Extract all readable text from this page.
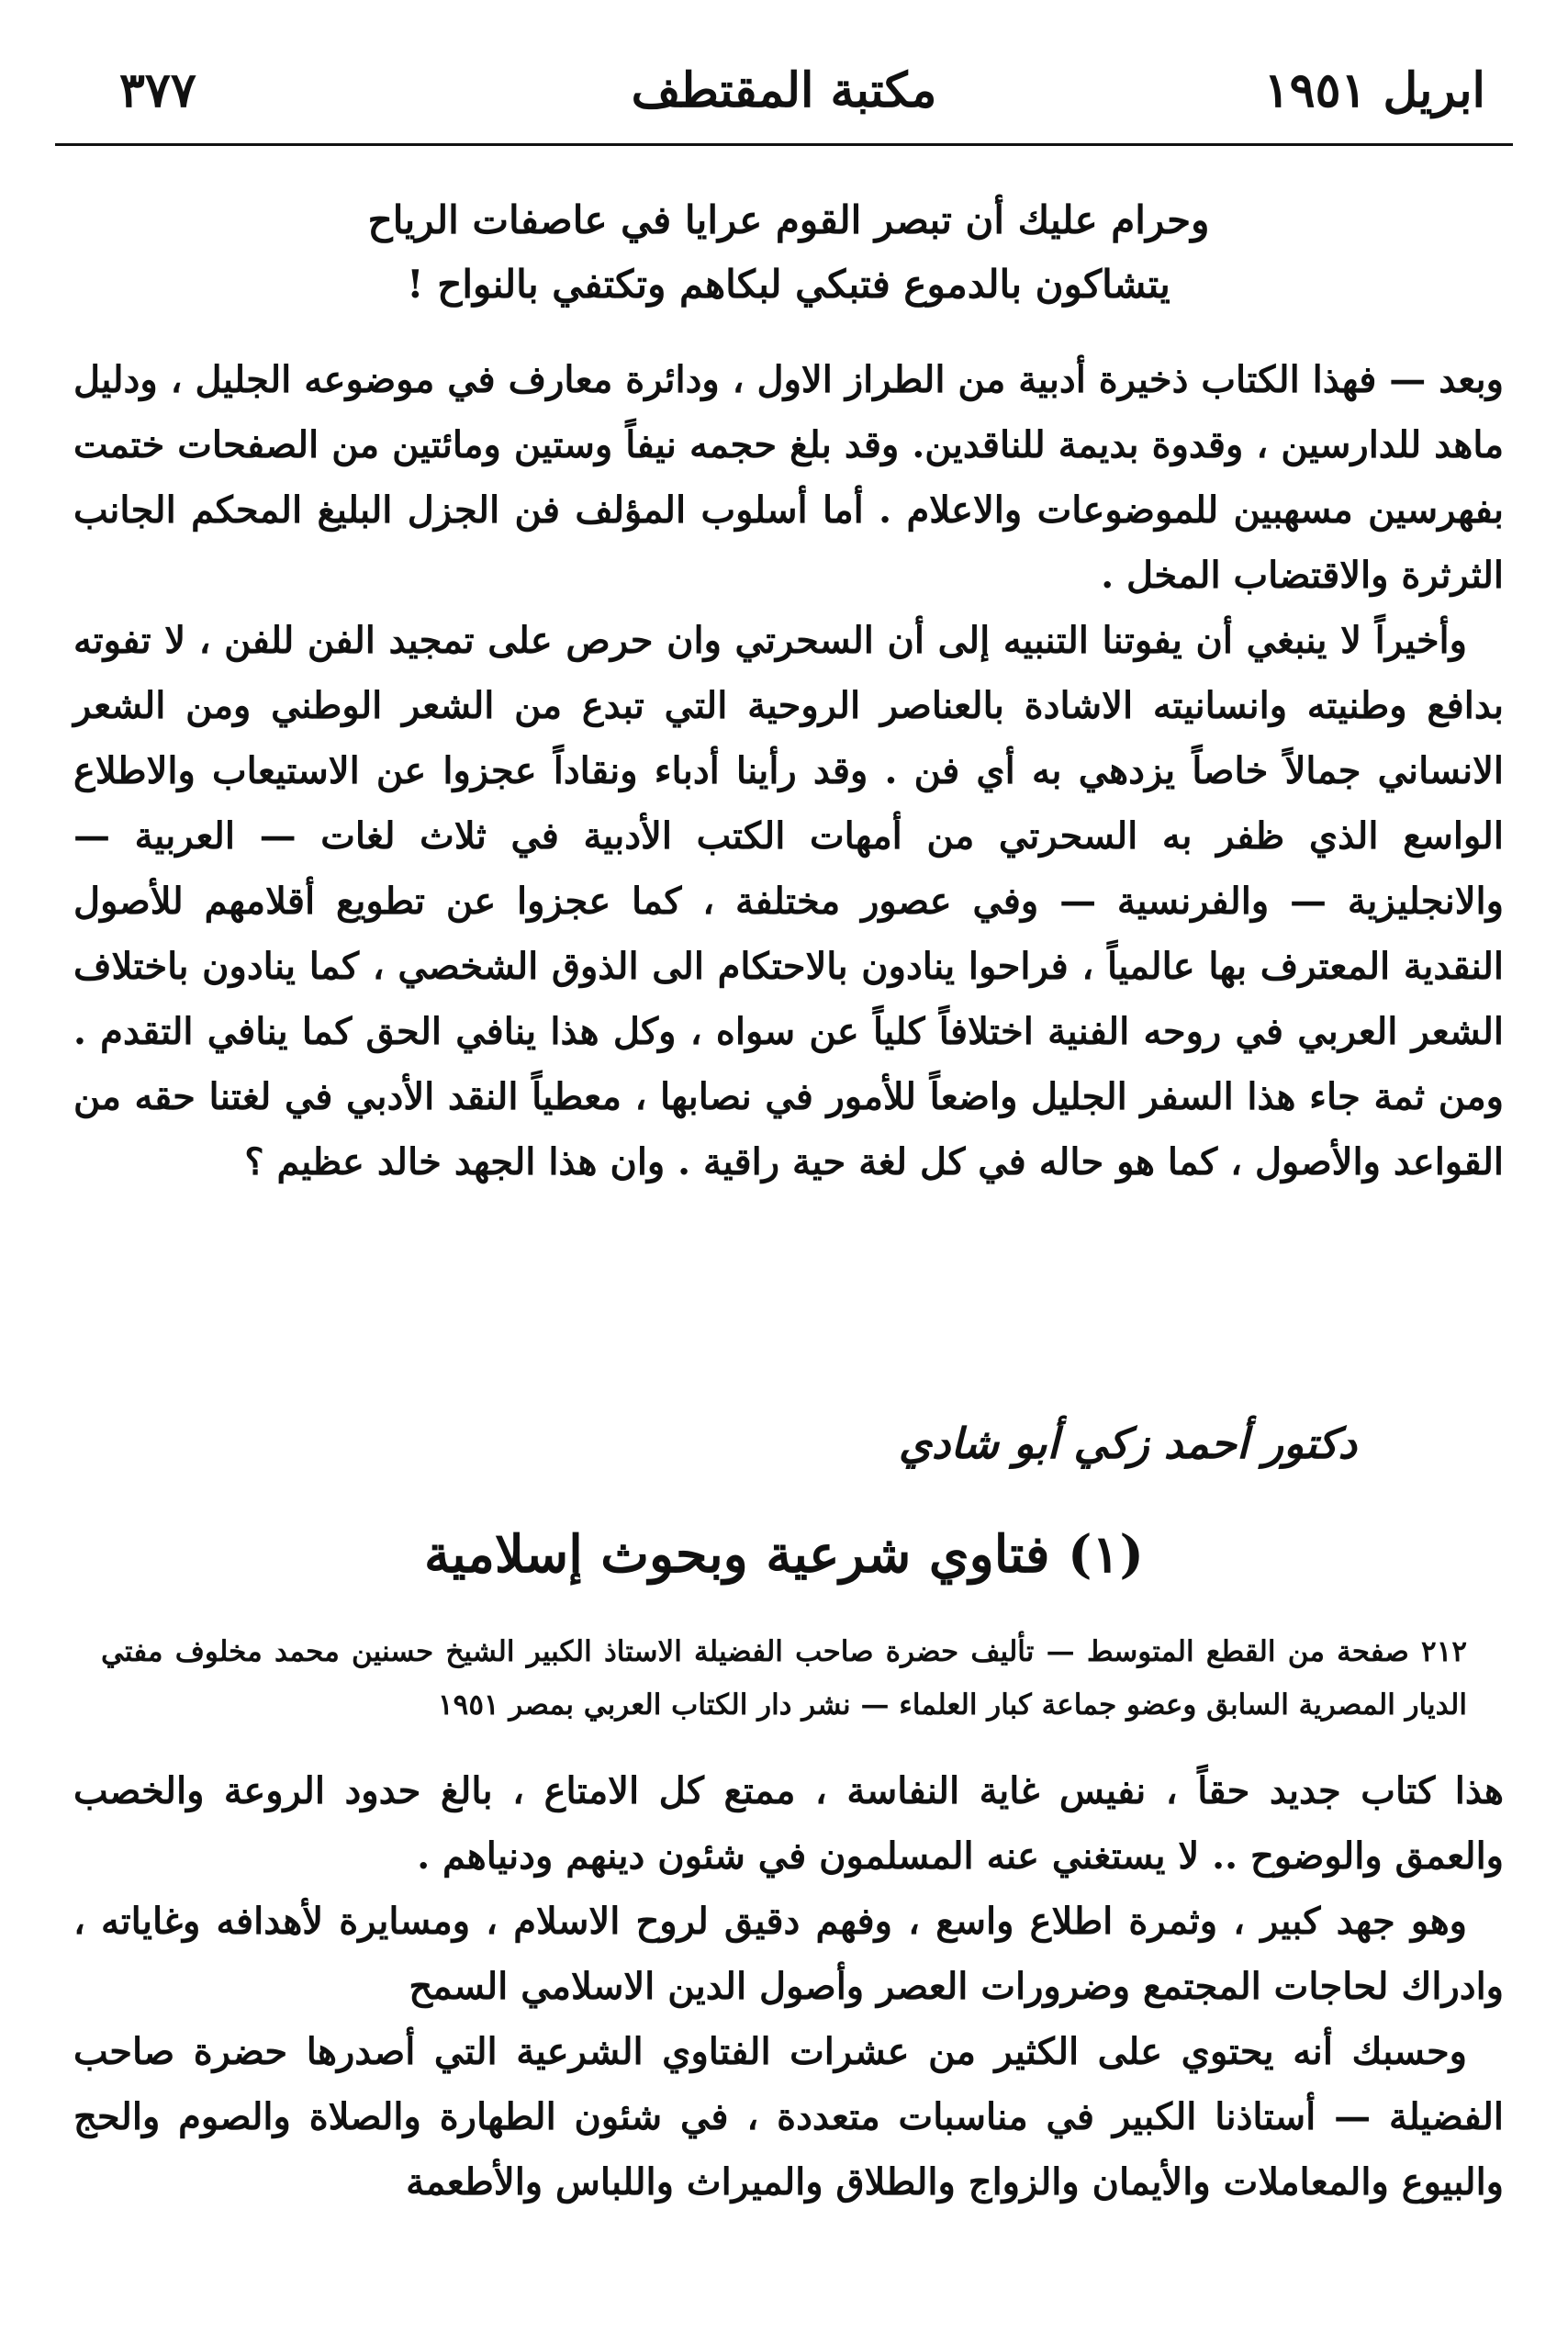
ابريل ١٩٥١
مكتبة المقتطف
٣٧٧
وحرام عليك أن تبصر القوم عرايا في عاصفات الرياح
يتشاكون بالدموع فتبكي لبكاهم وتكتفي بالنواح !

وبعد — فهذا الكتاب ذخيرة أدبية من الطراز الاول ، ودائرة معارف في موضوعه الجليل ، ودليل ماهد للدارسين ، وقدوة بديمة للناقدين. وقد بلغ حجمه نيفاً وستين ومائتين من الصفحات ختمت بفهرسين مسهبين للموضوعات والاعلام . أما أسلوب المؤلف فن الجزل البليغ المحكم الجانب الثرثرة والاقتضاب المخل .

وأخيراً لا ينبغي أن يفوتنا التنبيه إلى أن السحرتي وان حرص على تمجيد الفن للفن ، لا تفوته بدافع وطنيته وانسانيته الاشادة بالعناصر الروحية التي تبدع من الشعر الوطني ومن الشعر الانساني جمالاً خاصاً يزدهي به أي فن . وقد رأينا أدباء ونقاداً عجزوا عن الاستيعاب والاطلاع الواسع الذي ظفر به السحرتي من أمهات الكتب الأدبية في ثلاث لغات — العربية — والانجليزية — والفرنسية — وفي عصور مختلفة ، كما عجزوا عن تطويع أقلامهم للأصول النقدية المعترف بها عالمياً ، فراحوا ينادون بالاحتكام الى الذوق الشخصي ، كما ينادون باختلاف الشعر العربي في روحه الفنية اختلافاً كلياً عن سواه ، وكل هذا ينافي الحق كما ينافي التقدم . ومن ثمة جاء هذا السفر الجليل واضعاً للأمور في نصابها ، معطياً النقد الأدبي في لغتنا حقه من القواعد والأصول ، كما هو حاله في كل لغة حية راقية . وان هذا الجهد خالد عظيم ؟

دكتور أحمد زكي أبو شادي
(١) فتاوي شرعية وبحوث إسلامية

٢١٢ صفحة من القطع المتوسط — تأليف حضرة صاحب الفضيلة الاستاذ الكبير الشيخ حسنين محمد مخلوف مفتي الديار المصرية السابق وعضو جماعة كبار العلماء — نشر دار الكتاب العربي بمصر ١٩٥١

هذا كتاب جديد حقاً ، نفيس غاية النفاسة ، ممتع كل الامتاع ، بالغ حدود الروعة والخصب والعمق والوضوح .. لا يستغني عنه المسلمون في شئون دينهم ودنياهم .

وهو جهد كبير ، وثمرة اطلاع واسع ، وفهم دقيق لروح الاسلام ، ومسايرة لأهدافه وغاياته ، وادراك لحاجات المجتمع وضرورات العصر وأصول الدين الاسلامي السمح

وحسبك أنه يحتوي على الكثير من عشرات الفتاوي الشرعية التي أصدرها حضرة صاحب الفضيلة — أستاذنا الكبير في مناسبات متعددة ، في شئون الطهارة والصلاة والصوم والحج والبيوع والمعاملات والأيمان والزواج والطلاق والميراث واللباس والأطعمة
